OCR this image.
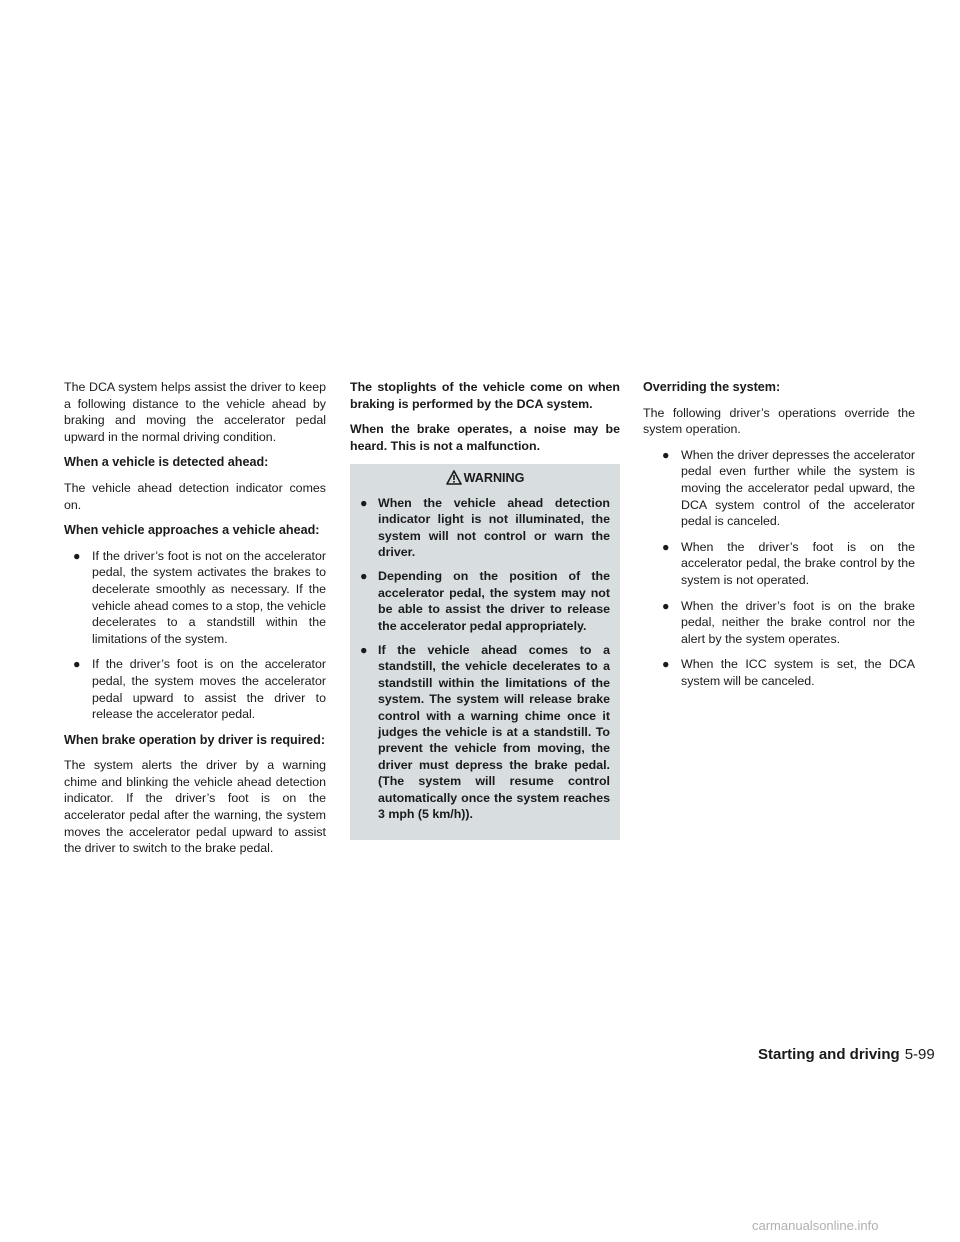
The DCA system helps assist the driver to keep a following distance to the vehicle ahead by braking and moving the accelerator pedal upward in the normal driving condition.

When a vehicle is detected ahead:

The vehicle ahead detection indicator comes on.

When vehicle approaches a vehicle ahead:
● If the driver’s foot is not on the accelerator pedal, the system activates the brakes to decelerate smoothly as necessary. If the vehicle ahead comes to a stop, the vehicle decelerates to a standstill within the limitations of the system.
● If the driver’s foot is on the accelerator pedal, the system moves the accelerator pedal upward to assist the driver to release the accelerator pedal.
When brake operation by driver is required:

The system alerts the driver by a warning chime and blinking the vehicle ahead detection indicator. If the driver’s foot is on the accelerator pedal after the warning, the system moves the accelerator pedal upward to assist the driver to switch to the brake pedal.

The stoplights of the vehicle come on when braking is performed by the DCA system.

When the brake operates, a noise may be heard. This is not a malfunction.

WARNING
● When the vehicle ahead detection indicator light is not illuminated, the system will not control or warn the driver.
● Depending on the position of the accelerator pedal, the system may not be able to assist the driver to release the accelerator pedal appropriately.
● If the vehicle ahead comes to a standstill, the vehicle decelerates to a standstill within the limitations of the system. The system will release brake control with a warning chime once it judges the vehicle is at a standstill. To prevent the vehicle from moving, the driver must depress the brake pedal. (The system will resume control automatically once the system reaches 3 mph (5 km/h)).
Overriding the system:

The following driver’s operations override the system operation.

● When the driver depresses the accelerator pedal even further while the system is moving the accelerator pedal upward, the DCA system control of the accelerator pedal is canceled.
● When the driver’s foot is on the accelerator pedal, the brake control by the system is not operated.
● When the driver’s foot is on the brake pedal, neither the brake control nor the alert by the system operates.
● When the ICC system is set, the DCA system will be canceled.
Starting and driving 5-99
carmanualsonline.info
